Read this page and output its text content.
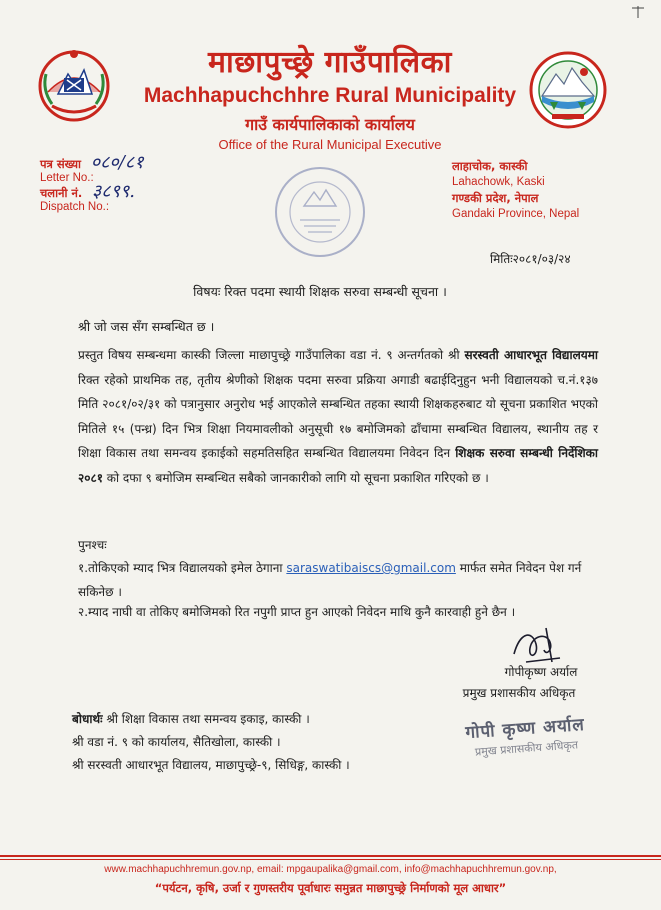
माछापुच्छ्रे गाउँपालिका
Machhapuchchhre Rural Municipality
गाउँ कार्यपालिकाको कार्यालय
Office of the Rural Municipal Executive
पत्र संख्या ०८०/८१
Letter No.:
चलानी नं. ३८९९.
Dispatch No.:
लाहाचोक, कास्की
Lahachowk, Kaski
गण्डकी प्रदेश, नेपाल
Gandaki Province, Nepal
मितिः२०८१/०३/२४
विषयः रिक्त पदमा स्थायी शिक्षक सरुवा सम्बन्धी सूचना ।
श्री जो जस सँग सम्बन्धित छ ।
प्रस्तुत विषय सम्बन्धमा कास्की जिल्ला माछापुच्छ्रे गाउँपालिका वडा नं. ९ अन्तर्गतको श्री सरस्वती आधारभूत विद्यालयमा रिक्त रहेको प्राथमिक तह, तृतीय श्रेणीको शिक्षक पदमा सरुवा प्रक्रिया अगाडी बढाईदिनुहुन भनी विद्यालयको च.नं.१३७ मिति २०८१/०२/३१ को पत्रानुसार अनुरोध भई आएकोले सम्बन्धित तहका स्थायी शिक्षकहरुबाट यो सूचना प्रकाशित भएको मितिले १५ (पन्ध्र) दिन भित्र शिक्षा नियमावलीको अनुसूची १७ बमोजिमको ढाँचामा सम्बन्धित विद्यालय, स्थानीय तह र शिक्षा विकास तथा समन्वय इकाईको सहमतिसहित सम्बन्धित विद्यालयमा निवेदन दिन शिक्षक सरुवा सम्बन्धी निर्देशिका २०८१ को दफा ९ बमोजिम सम्बन्धित सबैको जानकारीको लागि यो सूचना प्रकाशित गरिएको छ ।
पुनश्चः
१.तोकिएको म्याद भित्र विद्यालयको इमेल ठेगाना saraswatibaiscs@gmail.com मार्फत समेत निवेदन पेश गर्न सकिनेछ ।
२.म्याद नाघी वा तोकिए बमोजिमको रित नपुगी प्राप्त हुन आएको निवेदन माथि कुनै कारवाही हुने छैन ।
गोपीकृष्ण अर्याल
प्रमुख प्रशासकीय अधिकृत
बोधार्थः श्री शिक्षा विकास तथा समन्वय इकाइ, कास्की ।
श्री वडा नं. ९ को कार्यालय, सैतिखोला, कास्की ।
श्री सरस्वती आधारभूत विद्यालय, माछापुच्छ्रे-९, सिधिङ्ग, कास्की ।
गोपी कृष्ण अर्याल
प्रमुख प्रशासकीय अधिकृत
www.machhapuchhremun.gov.np, email: mpgaupalika@gmail.com, info@machhapuchhremun.gov.np,
“पर्यटन, कृषि, उर्जा र गुणस्तरीय पूर्वाधारः समुन्नत माछापुच्छ्रे निर्माणको मूल आधार”
